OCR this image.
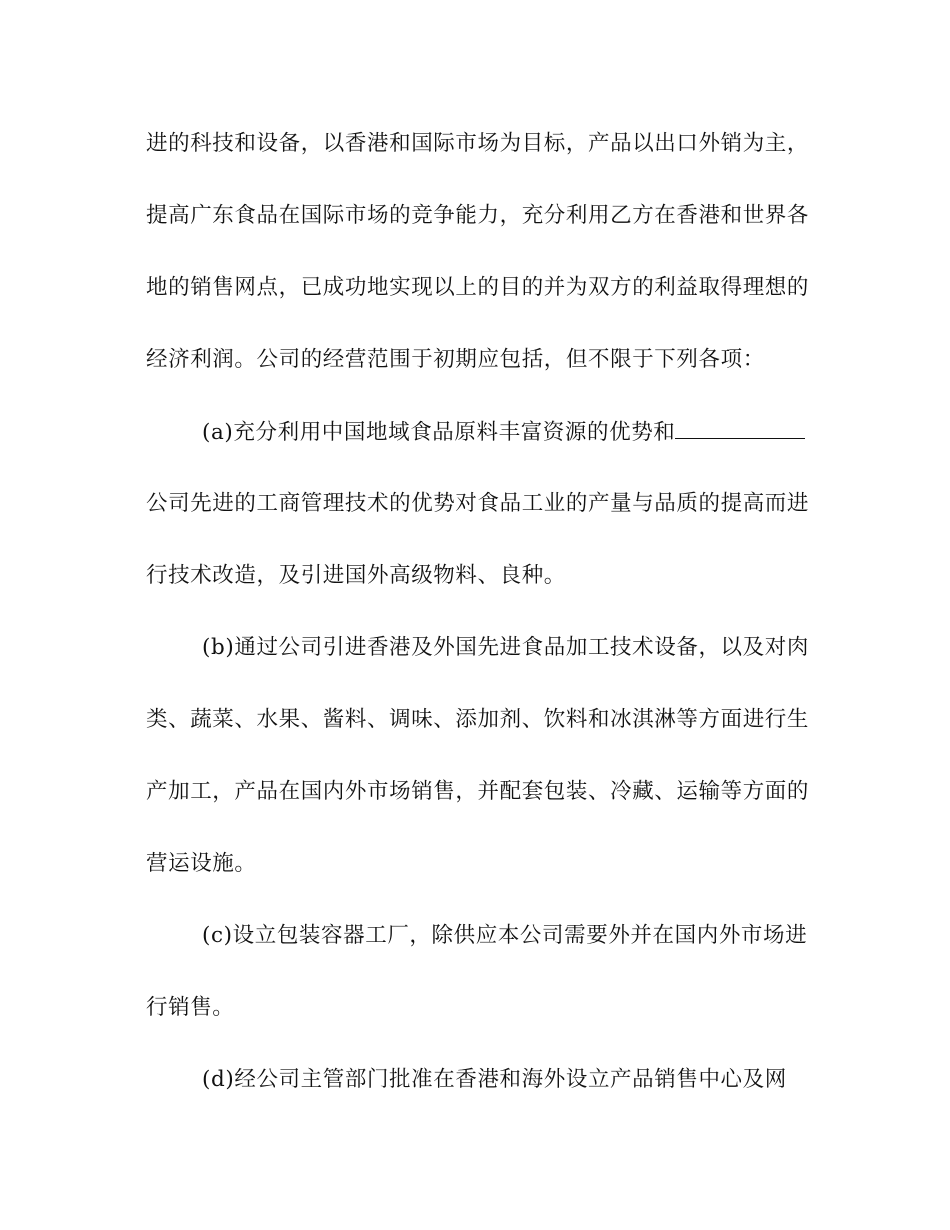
进的科技和设备，以香港和国际市场为目标，产品以出口外销为主，
提高广东食品在国际市场的竞争能力，充分利用乙方在香港和世界各
地的销售网点，已成功地实现以上的目的并为双方的利益取得理想的
经济利润。公司的经营范围于初期应包括，但不限于下列各项：
(a)充分利用中国地域食品原料丰富资源的优势和
公司先进的工商管理技术的优势对食品工业的产量与品质的提高而进
行技术改造，及引进国外高级物料、良种。
(b)通过公司引进香港及外国先进食品加工技术设备，以及对肉
类、蔬菜、水果、酱料、调味、添加剂、饮料和冰淇淋等方面进行生
产加工，产品在国内外市场销售，并配套包装、冷藏、运输等方面的
营运设施。
(c)设立包装容器工厂，除供应本公司需要外并在国内外市场进
行销售。
(d)经公司主管部门批准在香港和海外设立产品销售中心及网
